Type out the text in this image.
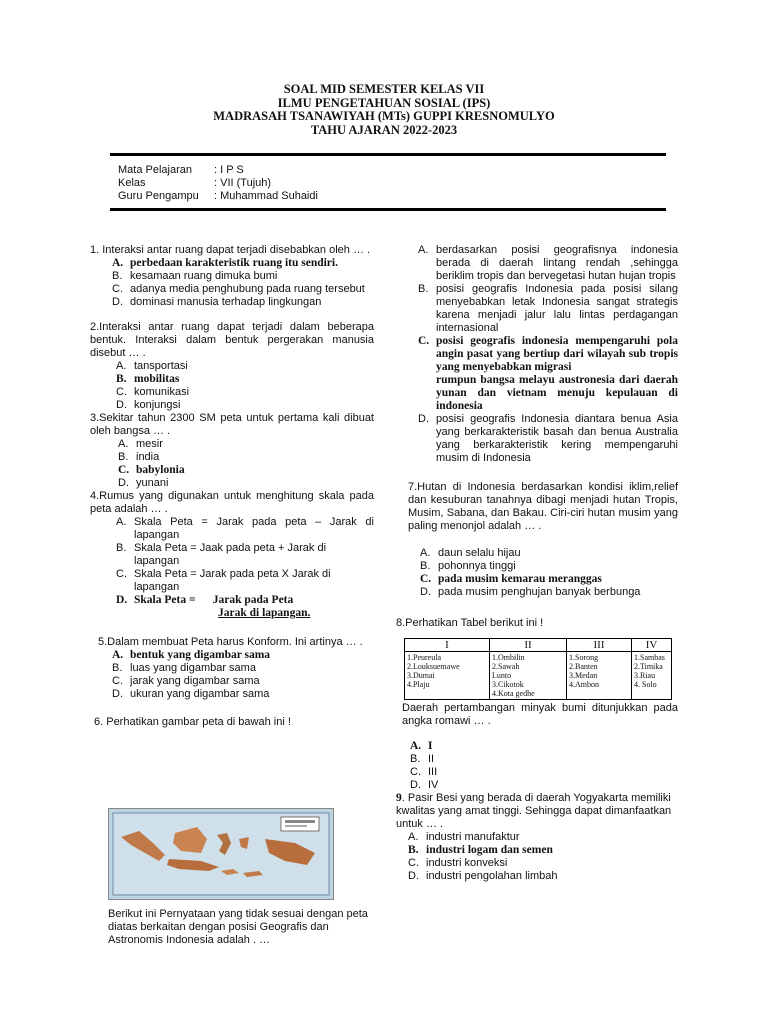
SOAL MID SEMESTER KELAS VII
ILMU PENGETAHUAN SOSIAL (IPS)
MADRASAH TSANAWIYAH (MTs) GUPPI KRESNOMULYO
TAHU AJARAN 2022-2023
Mata Pelajaran : I P S
Kelas	: VII (Tujuh)
Guru Pengampu : Muhammad Suhaidi

1. Interaksi antar ruang dapat terjadi disebabkan oleh … .

A. perbedaan karakteristik ruang itu sendiri.
B. kesamaan ruang dimuka bumi
C. adanya media penghubung pada ruang tersebut
D. dominasi manusia terhadap lingkungan

2.Interaksi antar ruang dapat terjadi dalam beberapa bentuk. Interaksi dalam bentuk pergerakan manusia disebut … .

A. tansportasi
B. mobilitas
C. komunikasi
D. konjungsi

3.Sekitar tahun 2300 SM peta untuk pertama kali dibuat oleh bangsa … .

A. mesir
B. india
C. babylonia
D. yunani

4.Rumus yang digunakan untuk menghitung skala pada peta adalah … .

A. Skala Peta = Jarak pada peta – Jarak di lapangan
B. Skala Peta = Jaak pada peta + Jarak di lapangan
C. Skala Peta = Jarak pada peta X Jarak di lapangan
D. Skala Peta =      Jarak pada Peta
Jarak di lapangan.

5.Dalam membuat Peta harus Konform. Ini artinya … .

A. bentuk yang digambar sama
B. luas yang digambar sama
C. jarak yang digambar sama
D. ukuran yang digambar sama

6. Perhatikan gambar peta di bawah ini !

Berikut ini Pernyataan yang tidak sesuai dengan peta diatas berkaitan dengan posisi Geografis dan Astronomis Indonesia adalah . …

A. berdasarkan posisi geografisnya indonesia berada di daerah lintang rendah ,sehingga beriklim tropis dan bervegetasi hutan hujan tropis
B. posisi geografis Indonesia pada posisi silang menyebabkan letak Indonesia sangat strategis karena menjadi jalur lalu lintas perdagangan internasional
C. posisi geografis indonesia mempengaruhi pola angin pasat yang bertiup dari wilayah sub tropis yang menyebabkan migrasi
rumpun bangsa melayu austronesia dari daerah yunan dan vietnam menuju kepulauan di indonesia
D. posisi geografis Indonesia diantara benua Asia yang berkarakteristik basah dan benua Australia yang berkarakteristik kering mempengaruhi musim di Indonesia

7.Hutan di Indonesia berdasarkan kondisi iklim,relief dan kesuburan tanahnya dibagi menjadi hutan Tropis, Musim, Sabana, dan Bakau. Ciri-ciri hutan musim yang paling menonjol adalah … .

A. daun selalu hijau
B. pohonnya tinggi
C. pada musim kemarau meranggas
D. pada musim penghujan banyak berbunga

8.Perhatikan Tabel berikut ini !

I	II	III	IV
1.Peureula
2.Louksuemawe
3.Dumai
4.Plaju	1.Ombilin
2.Sawah
Lunto
3.Cikotok
4.Kota gedhe	1.Sorong
2.Banten
3.Medan
4.Ambon	1.Sambas
2.Timika
3.Riau
4. Solo

Daerah pertambangan minyak bumi ditunjukkan pada angka romawi … .

A. I
B. II
C. III
D. IV

9. Pasir Besi yang berada di daerah Yogyakarta memiliki kwalitas yang amat tinggi. Sehingga dapat dimanfaatkan untuk … .

A. industri manufaktur
B. industri logam dan semen
C. industri konveksi
D. industri pengolahan limbah
